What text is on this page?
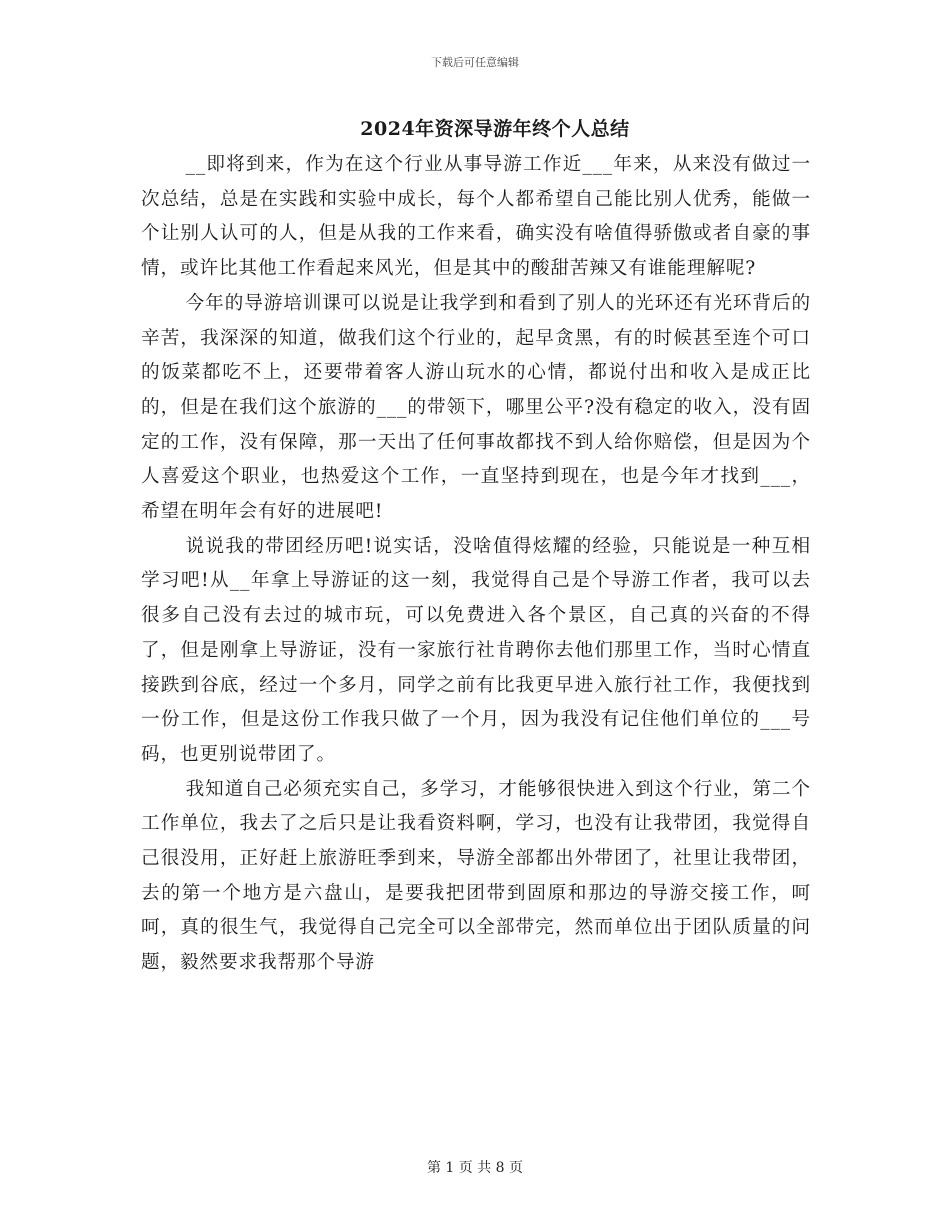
下载后可任意编辑
2024年资深导游年终个人总结

__即将到来，作为在这个行业从事导游工作近___年来，从来没有做过一次总结，总是在实践和实验中成长，每个人都希望自己能比别人优秀，能做一个让别人认可的人，但是从我的工作来看，确实没有啥值得骄傲或者自豪的事情，或许比其他工作看起来风光，但是其中的酸甜苦辣又有谁能理解呢?

今年的导游培训课可以说是让我学到和看到了别人的光环还有光环背后的辛苦，我深深的知道，做我们这个行业的，起早贪黑，有的时候甚至连个可口的饭菜都吃不上，还要带着客人游山玩水的心情，都说付出和收入是成正比的，但是在我们这个旅游的___的带领下，哪里公平?没有稳定的收入，没有固定的工作，没有保障，那一天出了任何事故都找不到人给你赔偿，但是因为个人喜爱这个职业，也热爱这个工作，一直坚持到现在，也是今年才找到___，希望在明年会有好的进展吧!

说说我的带团经历吧!说实话，没啥值得炫耀的经验，只能说是一种互相学习吧!从__年拿上导游证的这一刻，我觉得自己是个导游工作者，我可以去很多自己没有去过的城市玩，可以免费进入各个景区，自己真的兴奋的不得了，但是刚拿上导游证，没有一家旅行社肯聘你去他们那里工作，当时心情直接跌到谷底，经过一个多月，同学之前有比我更早进入旅行社工作，我便找到一份工作，但是这份工作我只做了一个月，因为我没有记住他们单位的___号码，也更别说带团了。

我知道自己必须充实自己，多学习，才能够很快进入到这个行业，第二个工作单位，我去了之后只是让我看资料啊，学习，也没有让我带团，我觉得自己很没用，正好赶上旅游旺季到来，导游全部都出外带团了，社里让我带团，去的第一个地方是六盘山，是要我把团带到固原和那边的导游交接工作，呵呵，真的很生气，我觉得自己完全可以全部带完，然而单位出于团队质量的问题，毅然要求我帮那个导游

第 1 页 共 8 页
